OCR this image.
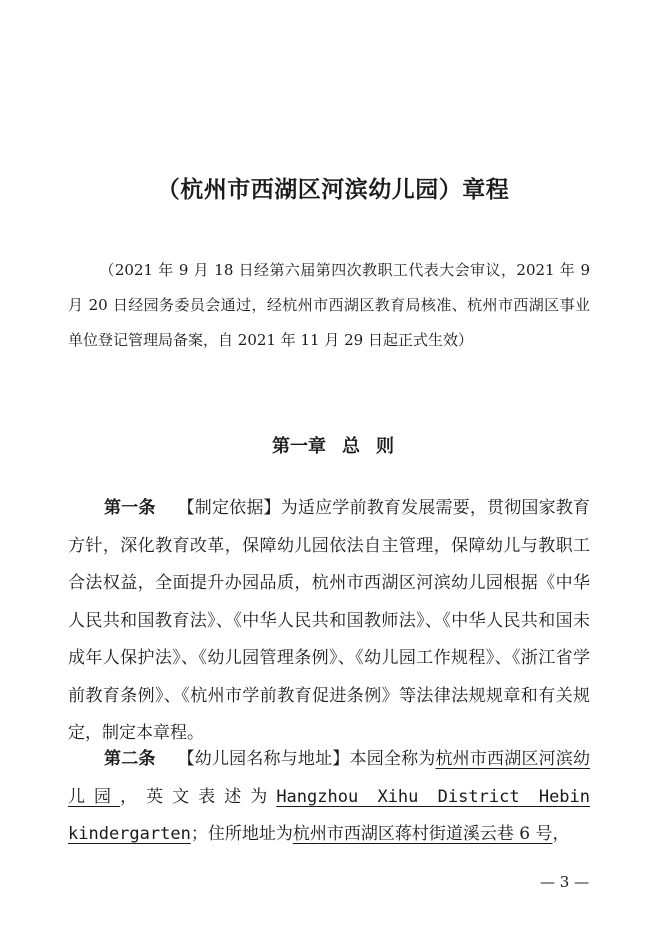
（杭州市西湖区河滨幼儿园）章程

（2021 年 9 月 18 日经第六届第四次教职工代表大会审议，2021 年 9 月 20 日经园务委员会通过，经杭州市西湖区教育局核准、杭州市西湖区事业单位登记管理局备案，自 2021 年 11 月 29 日起正式生效）

第一章 总 则

第一条 【制定依据】为适应学前教育发展需要，贯彻国家教育方针，深化教育改革，保障幼儿园依法自主管理，保障幼儿与教职工合法权益，全面提升办园品质，杭州市西湖区河滨幼儿园根据《中华人民共和国教育法》、《中华人民共和国教师法》、《中华人民共和国未成年人保护法》、《幼儿园管理条例》、《幼儿园工作规程》、《浙江省学前教育条例》、《杭州市学前教育促进条例》等法律法规规章和有关规定，制定本章程。

第二条 【幼儿园名称与地址】本园全称为杭州市西湖区河滨幼儿园，英文表述为Hangzhou Xihu District Hebin kindergarten；住所地址为杭州市西湖区蒋村街道溪云巷 6 号，

— 3 —
